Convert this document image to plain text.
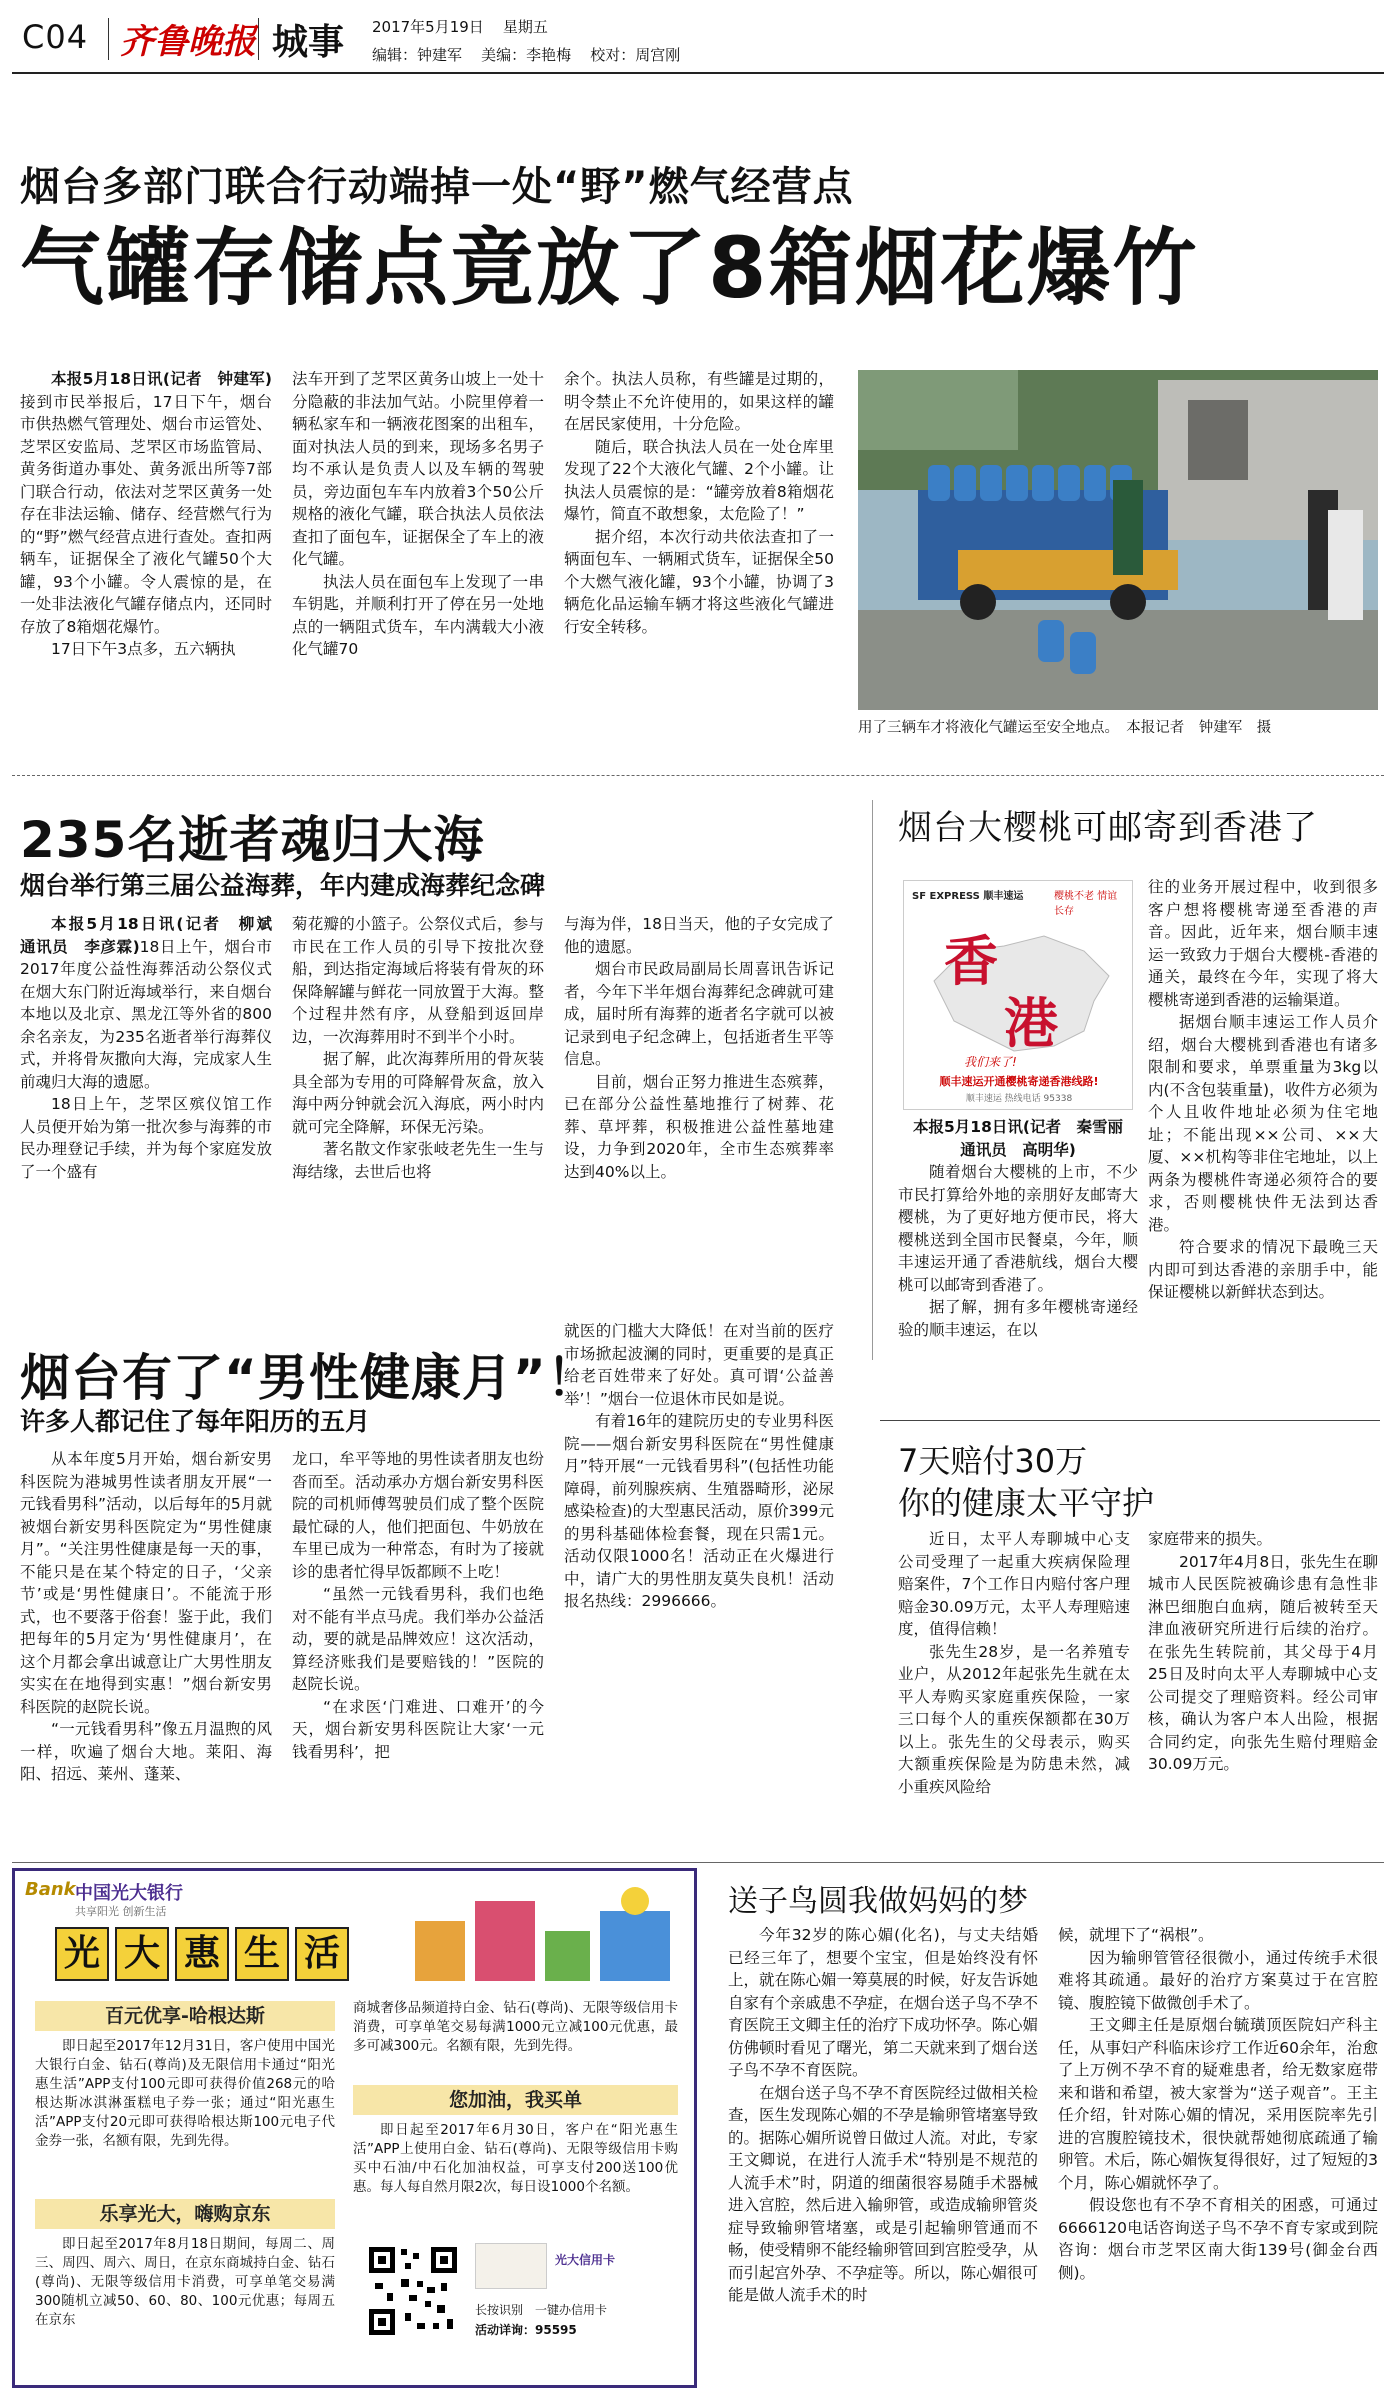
C04 齐鲁晚报 城事 2017年5月19日 星期五
编辑：钟建军 美编：李艳梅 校对：周宫刚
烟台多部门联合行动端掉一处“野”燃气经营点
气罐存储点竟放了8箱烟花爆竹

本报5月18日讯(记者　钟建军)接到市民举报后，17日下午，烟台市供热燃气管理处、烟台市运管处、芝罘区安监局、芝罘区市场监管局、黄务街道办事处、黄务派出所等7部门联合行动，依法对芝罘区黄务一处存在非法运输、储存、经营燃气行为的“野”燃气经营点进行查处。查扣两辆车，证据保全了液化气罐50个大罐，93个小罐。令人震惊的是，在一处非法液化气罐存储点内，还同时存放了8箱烟花爆竹。

17日下午3点多，五六辆执

法车开到了芝罘区黄务山坡上一处十分隐蔽的非法加气站。小院里停着一辆私家车和一辆液花图案的出租车，面对执法人员的到来，现场多名男子均不承认是负责人以及车辆的驾驶员，旁边面包车车内放着3个50公斤规格的液化气罐，联合执法人员依法查扣了面包车，证据保全了车上的液化气罐。

执法人员在面包车上发现了一串车钥匙，并顺利打开了停在另一处地点的一辆阻式货车，车内满载大小液化气罐70

余个。执法人员称，有些罐是过期的，明令禁止不允许使用的，如果这样的罐在居民家使用，十分危险。

随后，联合执法人员在一处仓库里发现了22个大液化气罐、2个小罐。让执法人员震惊的是：“罐旁放着8箱烟花爆竹，简直不敢想象，太危险了！”

据介绍，本次行动共依法查扣了一辆面包车、一辆厢式货车，证据保全50个大燃气液化罐，93个小罐，协调了3辆危化品运输车辆才将这些液化气罐进行安全转移。

用了三辆车才将液化气罐运至安全地点。　本报记者　钟建军　摄
235名逝者魂归大海
烟台举行第三届公益海葬，年内建成海葬纪念碑

本报5月18日讯(记者　柳斌　通讯员　李彦霖)18日上午，烟台市2017年度公益性海葬活动公祭仪式在烟大东门附近海域举行，来自烟台本地以及北京、黑龙江等外省的800余名亲友，为235名逝者举行海葬仪式，并将骨灰撒向大海，完成家人生前魂归大海的遗愿。

18日上午，芝罘区殡仪馆工作人员便开始为第一批次参与海葬的市民办理登记手续，并为每个家庭发放了一个盛有

菊花瓣的小篮子。公祭仪式后，参与市民在工作人员的引导下按批次登船，到达指定海域后将装有骨灰的环保降解罐与鲜花一同放置于大海。整个过程井然有序，从登船到返回岸边，一次海葬用时不到半个小时。

据了解，此次海葬所用的骨灰装具全部为专用的可降解骨灰盒，放入海中两分钟就会沉入海底，两小时内就可完全降解，环保无污染。

著名散文作家张岐老先生一生与海结缘，去世后也将

与海为伴，18日当天，他的子女完成了他的遗愿。

烟台市民政局副局长周喜讯告诉记者，今年下半年烟台海葬纪念碑就可建成，届时所有海葬的逝者名字就可以被记录到电子纪念碑上，包括逝者生平等信息。

目前，烟台正努力推进生态殡葬，已在部分公益性墓地推行了树葬、花葬、草坪葬，积极推进公益性墓地建设，力争到2020年，全市生态殡葬率达到40%以上。

烟台大樱桃可邮寄到香港了
SF EXPRESS 顺丰速运	樱桃不老 情谊长存
香
港
我们来了!
顺丰速运开通樱桃寄递香港线路!
顺丰速运 热线电话 95338

本报5月18日讯(记者　秦雪丽　通讯员　高明华)

随着烟台大樱桃的上市，不少市民打算给外地的亲朋好友邮寄大樱桃，为了更好地方便市民，将大樱桃送到全国市民餐桌，今年，顺丰速运开通了香港航线，烟台大樱桃可以邮寄到香港了。

据了解，拥有多年樱桃寄递经验的顺丰速运，在以

往的业务开展过程中，收到很多客户想将樱桃寄递至香港的声音。因此，近年来，烟台顺丰速运一致致力于烟台大樱桃-香港的通关，最终在今年，实现了将大樱桃寄递到香港的运输渠道。

据烟台顺丰速运工作人员介绍，烟台大樱桃到香港也有诸多限制和要求，单票重量为3kg以内(不含包装重量)，收件方必须为个人且收件地址必须为住宅地址；不能出现××公司、××大厦、××机构等非住宅地址，以上两条为樱桃件寄递必须符合的要求，否则樱桃快件无法到达香港。

符合要求的情况下最晚三天内即可到达香港的亲朋手中，能保证樱桃以新鲜状态到达。

烟台有了“男性健康月”！
许多人都记住了每年阳历的五月

从本年度5月开始，烟台新安男科医院为港城男性读者朋友开展“一元钱看男科”活动，以后每年的5月就被烟台新安男科医院定为“男性健康月”。“关注男性健康是每一天的事，不能只是在某个特定的日子，‘父亲节’或是‘男性健康日’。不能流于形式，也不要落于俗套！鉴于此，我们把每年的5月定为‘男性健康月’，在这个月都会拿出诚意让广大男性朋友实实在在地得到实惠！”烟台新安男科医院的赵院长说。

“一元钱看男科”像五月温煦的风一样，吹遍了烟台大地。莱阳、海阳、招远、莱州、蓬莱、

龙口，牟平等地的男性读者朋友也纷沓而至。活动承办方烟台新安男科医院的司机师傅驾驶员们成了整个医院最忙碌的人，他们把面包、牛奶放在车里已成为一种常态，有时为了接就诊的患者忙得早饭都顾不上吃！

“虽然一元钱看男科，我们也绝对不能有半点马虎。我们举办公益活动，要的就是品牌效应！这次活动，算经济账我们是要赔钱的！”医院的赵院长说。

“在求医‘门难进、口难开’的今天，烟台新安男科医院让大家‘一元钱看男科’，把

就医的门槛大大降低！在对当前的医疗市场掀起波澜的同时，更重要的是真正给老百姓带来了好处。真可谓‘公益善举’！”烟台一位退休市民如是说。

有着16年的建院历史的专业男科医院——烟台新安男科医院在“男性健康月”特开展“一元钱看男科”(包括性功能障碍，前列腺疾病、生殖器畸形，泌尿感染检查)的大型惠民活动，原价399元的男科基础体检套餐，现在只需1元。活动仅限1000名！活动正在火爆进行中，请广大的男性朋友莫失良机！活动报名热线：2996666。

7天赔付30万
你的健康太平守护

近日，太平人寿聊城中心支公司受理了一起重大疾病保险理赔案件，7个工作日内赔付客户理赔金30.09万元，太平人寿理赔速度，值得信赖！

张先生28岁，是一名养殖专业户，从2012年起张先生就在太平人寿购买家庭重疾保险，一家三口每个人的重疾保额都在30万以上。张先生的父母表示，购买大额重疾保险是为防患未然，减小重疾风险给

家庭带来的损失。

2017年4月8日，张先生在聊城市人民医院被确诊患有急性非淋巴细胞白血病，随后被转至天津血液研究所进行后续的治疗。在张先生转院前，其父母于4月25日及时向太平人寿聊城中心支公司提交了理赔资料。经公司审核，确认为客户本人出险，根据合同约定，向张先生赔付理赔金30.09万元。

Bank 中国光大银行
共享阳光 创新生活
光 大 惠 生 活
百元优享-哈根达斯

即日起至2017年12月31日，客户使用中国光大银行白金、钻石(尊尚)及无限信用卡通过“阳光惠生活”APP支付100元即可获得价值268元的哈根达斯冰淇淋蛋糕电子券一张；通过“阳光惠生活”APP支付20元即可获得哈根达斯100元电子代金券一张，名额有限，先到先得。

乐享光大，嗨购京东

即日起至2017年8月18日期间，每周二、周三、周四、周六、周日，在京东商城持白金、钻石(尊尚)、无限等级信用卡消费，可享单笔交易满300随机立减50、60、80、100元优惠；每周五在京东

商城奢侈品频道持白金、钻石(尊尚)、无限等级信用卡消费，可享单笔交易每满1000元立减100元优惠，最多可减300元。名额有限，先到先得。

您加油，我买单

即日起至2017年6月30日，客户在“阳光惠生活”APP上使用白金、钻石(尊尚)、无限等级信用卡购买中石油/中石化加油权益，可享支付200送100优惠。每人每自然月限2次，每日设1000个名额。

光大信用卡
长按识别　一键办信用卡
活动详询：95595
送子鸟圆我做妈妈的梦

今年32岁的陈心媚(化名)，与丈夫结婚已经三年了，想要个宝宝，但是始终没有怀上，就在陈心媚一筹莫展的时候，好友告诉她自家有个亲戚患不孕症，在烟台送子鸟不孕不育医院王文卿主任的治疗下成功怀孕。陈心媚仿佛顿时看见了曙光，第二天就来到了烟台送子鸟不孕不育医院。

在烟台送子鸟不孕不育医院经过做相关检查，医生发现陈心媚的不孕是输卵管堵塞导致的。据陈心媚所说曾日做过人流。对此，专家王文卿说，在进行人流手术“特别是不规范的人流手术”时，阴道的细菌很容易随手术器械进入宫腔，然后进入输卵管，或造成输卵管炎症导致输卵管堵塞，或是引起输卵管通而不畅，使受精卵不能经输卵管回到宫腔受孕，从而引起宫外孕、不孕症等。所以，陈心媚很可能是做人流手术的时

候，就埋下了“祸根”。

因为输卵管管径很微小，通过传统手术很难将其疏通。最好的治疗方案莫过于在宫腔镜、腹腔镜下做微创手术了。

王文卿主任是原烟台毓璜顶医院妇产科主任，从事妇产科临床诊疗工作近60余年，治愈了上万例不孕不育的疑难患者，给无数家庭带来和谐和希望，被大家誉为“送子观音”。王主任介绍，针对陈心媚的情况，采用医院率先引进的宫腹腔镜技术，很快就帮她彻底疏通了输卵管。术后，陈心媚恢复得很好，过了短短的3个月，陈心媚就怀孕了。

假设您也有不孕不育相关的困惑，可通过6666120电话咨询送子鸟不孕不育专家或到院咨询：烟台市芝罘区南大街139号(御金台西侧)。
